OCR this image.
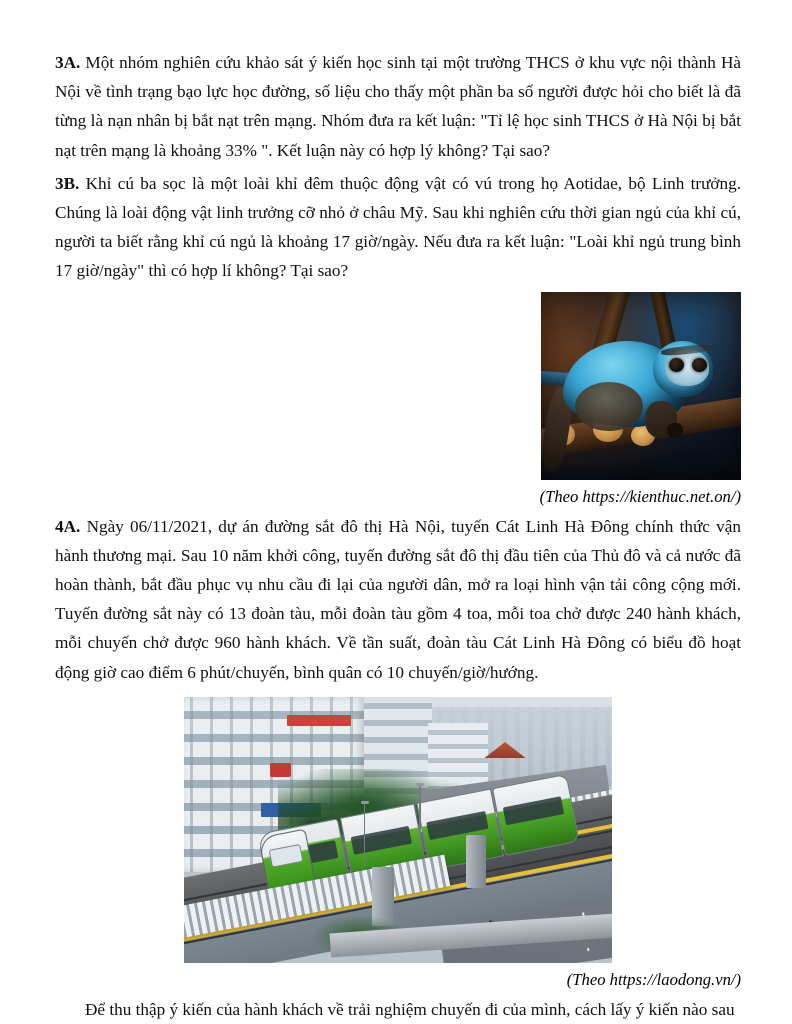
3A. Một nhóm nghiên cứu khảo sát ý kiến học sinh tại một trường THCS ở khu vực nội thành Hà Nội về tình trạng bạo lực học đường, số liệu cho thấy một phần ba số người được hỏi cho biết là đã từng là nạn nhân bị bắt nạt trên mạng. Nhóm đưa ra kết luận: "Tỉ lệ học sinh THCS ở Hà Nội bị bắt nạt trên mạng là khoảng 33% ". Kết luận này có hợp lý không? Tại sao?

3B. Khỉ cú ba sọc là một loài khỉ đêm thuộc động vật có vú trong họ Aotidae, bộ Linh trưởng. Chúng là loài động vật linh trưởng cỡ nhỏ ở châu Mỹ. Sau khi nghiên cứu thời gian ngủ của khỉ cú, người ta biết rằng khỉ cú ngủ là khoảng 17 giờ/ngày. Nếu đưa ra kết luận: "Loài khỉ ngủ trung bình 17 giờ/ngày" thì có hợp lí không? Tại sao?

(Theo https://kienthuc.net.on/)

4A. Ngày 06/11/2021, dự án đường sắt đô thị Hà Nội, tuyến Cát Linh Hà Đông chính thức vận hành thương mại. Sau 10 năm khởi công, tuyến đường sắt đô thị đầu tiên của Thủ đô và cả nước đã hoàn thành, bắt đầu phục vụ nhu cầu đi lại của người dân, mở ra loại hình vận tải công cộng mới. Tuyến đường sắt này có 13 đoàn tàu, mỗi đoàn tàu gồm 4 toa, mỗi toa chở được 240 hành khách, mỗi chuyến chở được 960 hành khách. Về tần suất, đoàn tàu Cát Linh Hà Đông có biểu đồ hoạt động giờ cao điểm 6 phút/chuyến, bình quân có 10 chuyến/giờ/hướng.

(Theo https://laodong.vn/)

Để thu thập ý kiến của hành khách về trải nghiệm chuyến đi của mình, cách lấy ý kiến nào sau
